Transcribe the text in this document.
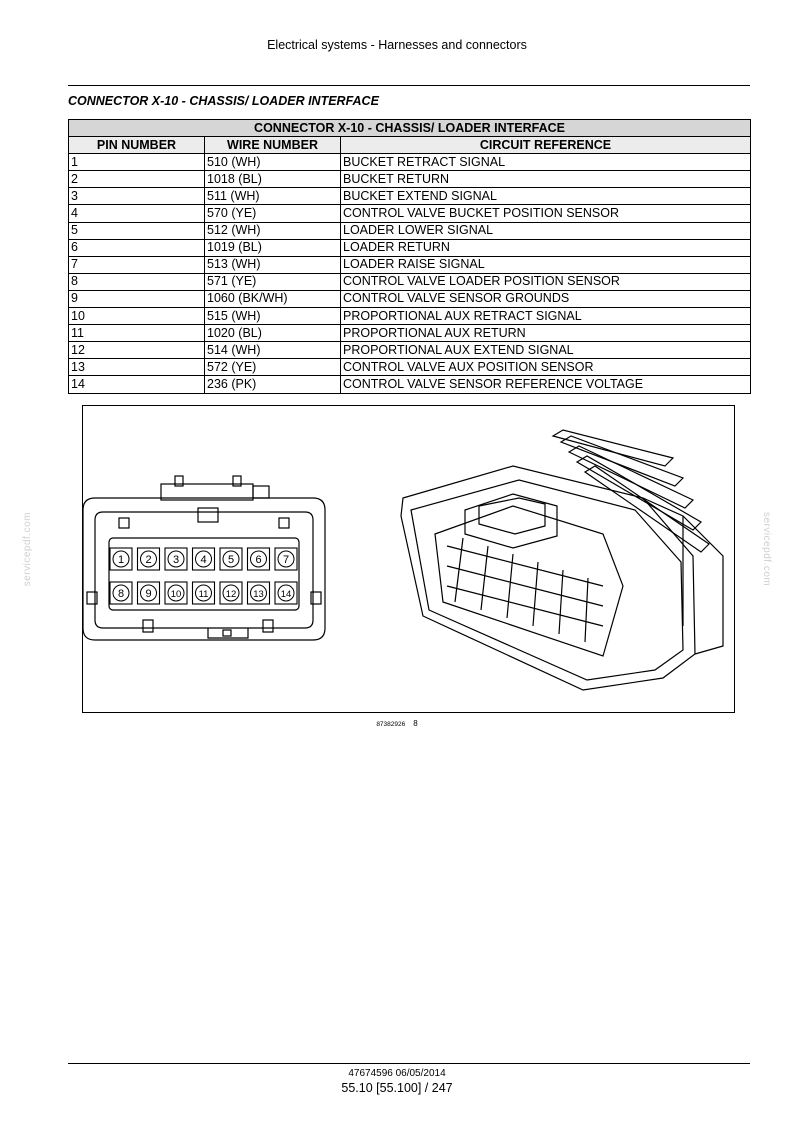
Electrical systems - Harnesses and connectors
CONNECTOR X-10 - CHASSIS/ LOADER INTERFACE
CONNECTOR X-10 - CHASSIS/ LOADER INTERFACE		
PIN NUMBER	WIRE NUMBER	CIRCUIT REFERENCE
1	510 (WH)	BUCKET RETRACT SIGNAL
2	1018 (BL)	BUCKET RETURN
3	511 (WH)	BUCKET EXTEND SIGNAL
4	570 (YE)	CONTROL VALVE BUCKET POSITION SENSOR
5	512 (WH)	LOADER LOWER SIGNAL
6	1019 (BL)	LOADER RETURN
7	513 (WH)	LOADER RAISE SIGNAL
8	571 (YE)	CONTROL VALVE LOADER POSITION SENSOR
9	1060 (BK/WH)	CONTROL VALVE SENSOR GROUNDS
10	515 (WH)	PROPORTIONAL AUX RETRACT SIGNAL
11	1020 (BL)	PROPORTIONAL AUX RETURN
12	514 (WH)	PROPORTIONAL AUX EXTEND SIGNAL
13	572 (YE)	CONTROL VALVE AUX POSITION SENSOR
14	236 (PK)	CONTROL VALVE SENSOR REFERENCE VOLTAGE
1 2 3 4 5 6 7
8 9 10 11 12 13 14
87382926 8
servicepdf.com	servicepdf.com
47674596 06/05/2014
55.10 [55.100] / 247
